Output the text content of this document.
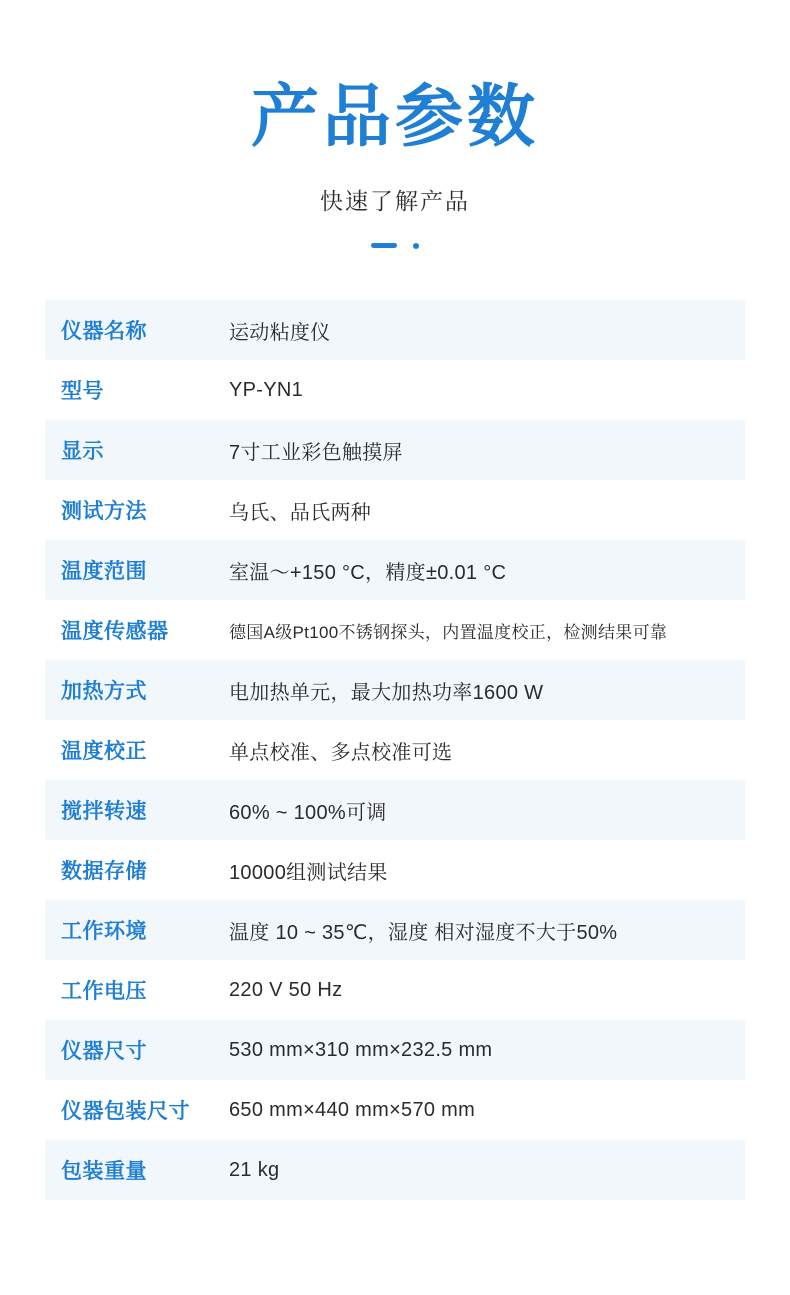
产品参数
快速了解产品
仪器名称	运动粘度仪
型号	YP-YN1
显示	7寸工业彩色触摸屏
测试方法	乌氏、品氏两种
温度范围	室温～+150 °C，精度±0.01 °C
温度传感器	德国A级Pt100不锈钢探头，内置温度校正，检测结果可靠
加热方式	电加热单元，最大加热功率1600 W
温度校正	单点校准、多点校准可选
搅拌转速	60% ~ 100%可调
数据存储	10000组测试结果
工作环境	温度 10 ~ 35℃，湿度 相对湿度不大于50%
工作电压	220 V 50 Hz
仪器尺寸	530 mm×310 mm×232.5 mm
仪器包装尺寸	650 mm×440 mm×570 mm
包装重量	21 kg
